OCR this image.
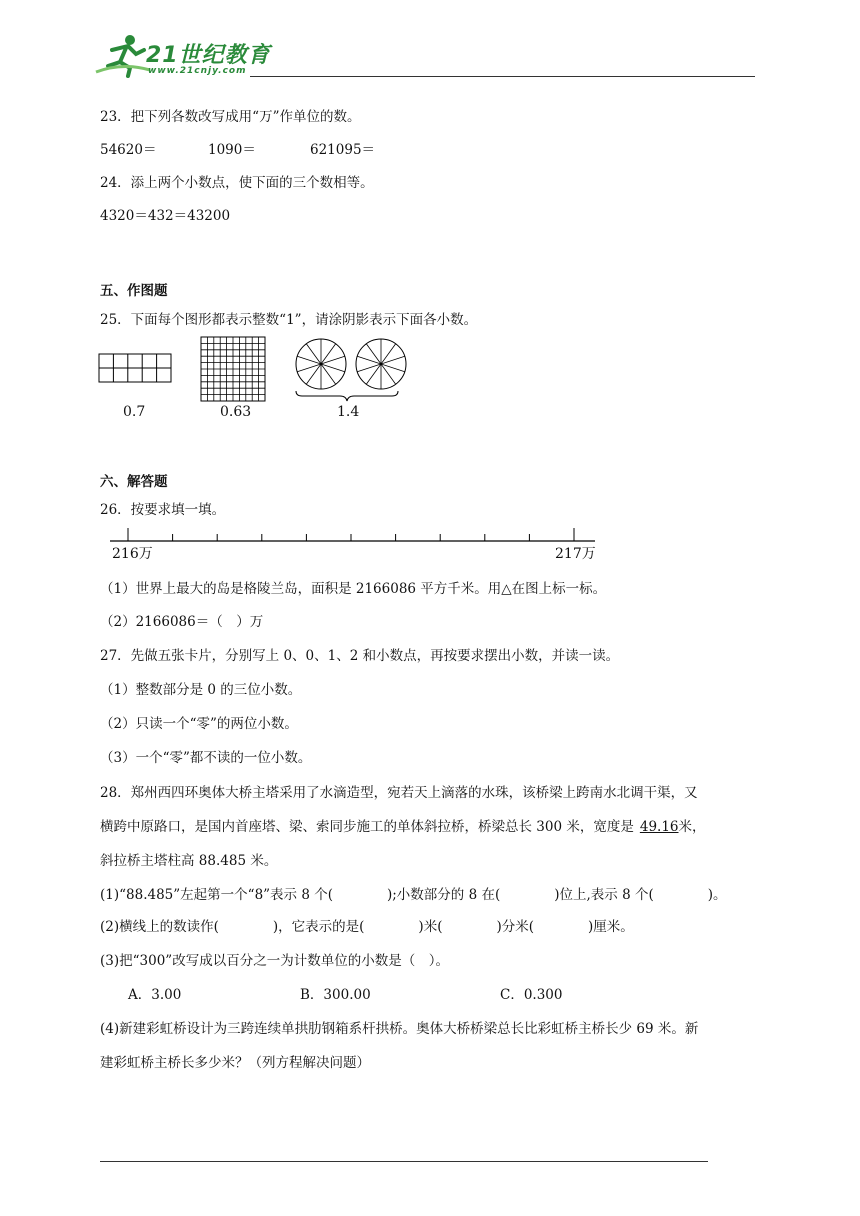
21世纪教育
www.21cnjy.com
23．把下列各数改写成用“万”作单位的数。
54620＝	1090＝	621095＝
24．添上两个小数点，使下面的三个数相等。
4320＝432＝43200
五、作图题
25．下面每个图形都表示整数“1”，请涂阴影表示下面各小数。
0.7	0.63	1.4
六、解答题
26．按要求填一填。
216万	217万
（1）世界上最大的岛是格陵兰岛，面积是 2166086 平方千米。用△在图上标一标。
（2）2166086＝（　）万
27．先做五张卡片，分别写上 0、0、1、2 和小数点，再按要求摆出小数，并读一读。
（1）整数部分是 0 的三位小数。
（2）只读一个“零”的两位小数。
（3）一个“零”都不读的一位小数。
28．郑州西四环奥体大桥主塔采用了水滴造型，宛若天上滴落的水珠，该桥梁上跨南水北调干渠，又
横跨中原路口，是国内首座塔、梁、索同步施工的单体斜拉桥，桥梁总长 300 米，宽度是 49.16米，
斜拉桥主塔柱高 88.485 米。
(1)“88.485”左起第一个“8”表示 8 个(　　　　);小数部分的 8 在(　　　　)位上,表示 8 个(　　　　)。
(2)横线上的数读作(　　　　)，它表示的是(　　　　)米(　　　　)分米(　　　　)厘米。
(3)把“300”改写成以百分之一为计数单位的小数是（　）。
A．3.00	B．300.00	C．0.300
(4)新建彩虹桥设计为三跨连续单拱肋钢箱系杆拱桥。奥体大桥桥梁总长比彩虹桥主桥长少 69 米。新
建彩虹桥主桥长多少米？（列方程解决问题）
